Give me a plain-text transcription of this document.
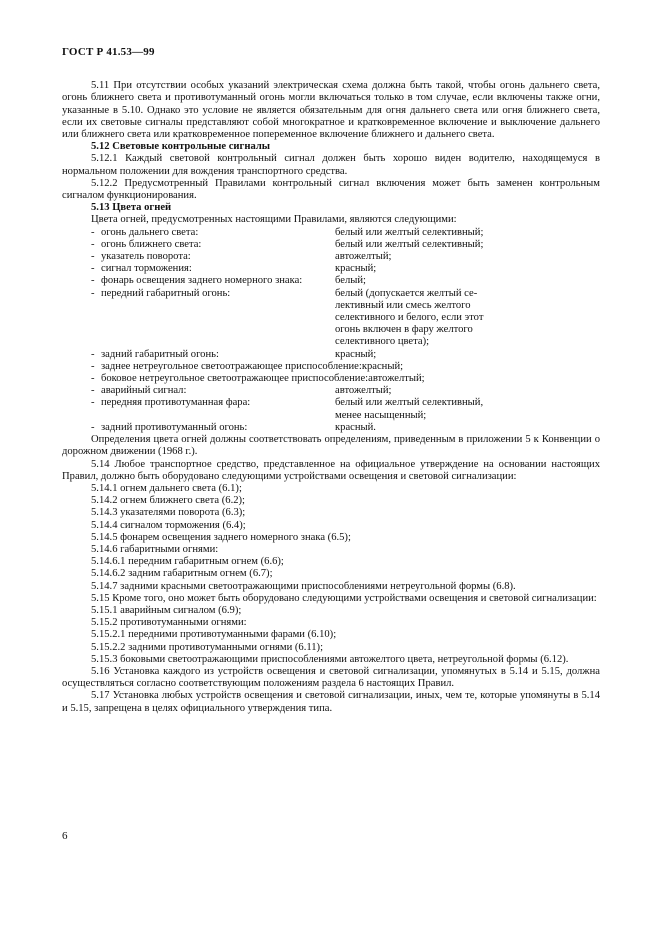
ГОСТ Р 41.53—99

5.11 При отсутствии особых указаний электрическая схема должна быть такой, чтобы огонь дальнего света, огонь ближнего света и противотуманный огонь могли включаться только в том случае, если включены также огни, указанные в 5.10. Однако это условие не является обязательным для огня дальнего света или огня ближнего света, если их световые сигналы представляют собой многократное и кратковременное включение и выключение дальнего или ближнего света или кратковременное попеременное включение ближнего и дальнего света.

5.12 Световые контрольные сигналы

5.12.1 Каждый световой контрольный сигнал должен быть хорошо виден водителю, находящемуся в нормальном положении для вождения транспортного средства.

5.12.2 Предусмотренный Правилами контрольный сигнал включения может быть заменен контрольным сигналом функционирования.

5.13 Цвета огней

Цвета огней, предусмотренных настоящими Правилами, являются следующими:

- огонь дальнего света:	белый или желтый селективный;
- огонь ближнего света:	белый или желтый селективный;
- указатель поворота:	автожелтый;
- сигнал торможения:	красный;
- фонарь освещения заднего номерного знака:	белый;
- передний габаритный огонь:	белый (допускается желтый се-
лективный или смесь желтого
селективного и белого, если этот
огонь включен в фару желтого
селективного цвета);
- задний габаритный огонь:	красный;
- заднее нетреугольное светоотражающее приспособление:красный;
- боковое нетреугольное светоотражающее приспособление:автожелтый;
- аварийный сигнал:	автожелтый;
- передняя противотуманная фара:	белый или желтый селективный,
менее насыщенный;
- задний противотуманный огонь:	красный.

Определения цвета огней должны соответствовать определениям, приведенным в приложении 5 к Конвенции о дорожном движении (1968 г.).

5.14 Любое транспортное средство, представленное на официальное утверждение на основании настоящих Правил, должно быть оборудовано следующими устройствами освещения и световой сигнализации:

5.14.1 огнем дальнего света (6.1);
5.14.2 огнем ближнего света (6.2);
5.14.3 указателями поворота (6.3);
5.14.4 сигналом торможения (6.4);
5.14.5 фонарем освещения заднего номерного знака (6.5);
5.14.6 габаритными огнями:
5.14.6.1 передним габаритным огнем (6.6);
5.14.6.2 задним габаритным огнем (6.7);
5.14.7 задними красными светоотражающими приспособлениями нетреугольной формы (6.8).

5.15 Кроме того, оно может быть оборудовано следующими устройствами освещения и световой сигнализации:

5.15.1 аварийным сигналом (6.9);
5.15.2 противотуманными огнями:
5.15.2.1 передними противотуманными фарами (6.10);
5.15.2.2 задними противотуманными огнями (6.11);

5.15.3 боковыми светоотражающими приспособлениями автожелтого цвета, нетреугольной формы (6.12).

5.16 Установка каждого из устройств освещения и световой сигнализации, упомянутых в 5.14 и 5.15, должна осуществляться согласно соответствующим положениям раздела 6 настоящих Правил.

5.17 Установка любых устройств освещения и световой сигнализации, иных, чем те, которые упомянуты в 5.14 и 5.15, запрещена в целях официального утверждения типа.

6
